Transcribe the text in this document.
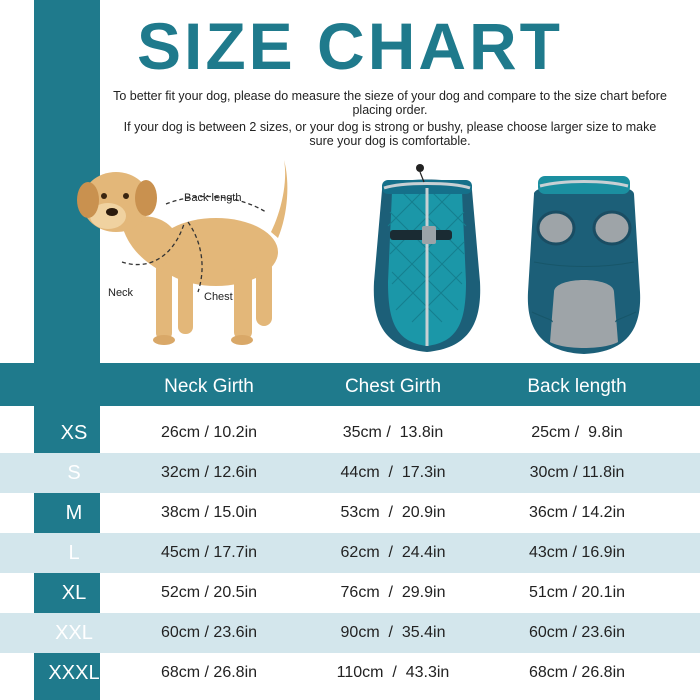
SIZE CHART
To better fit your dog, please do measure the sieze of your dog and compare to the size chart before placing order.
If your dog is between 2 sizes, or your dog is strong or bushy, please choose larger size to make sure your dog is comfortable.
Back length
Neck	Chest
Neck Girth	Chest Girth	Back length
XS	26cm / 10.2in	35cm /  13.8in	25cm /  9.8in
S	32cm / 12.6in	44cm  /  17.3in	30cm / 11.8in
M	38cm / 15.0in	53cm  /  20.9in	36cm / 14.2in
L	45cm / 17.7in	62cm  /  24.4in	43cm / 16.9in
XL	52cm / 20.5in	76cm  /  29.9in	51cm / 20.1in
XXL	60cm / 23.6in	90cm  /  35.4in	60cm / 23.6in
XXXL	68cm / 26.8in	110cm  /  43.3in	68cm / 26.8in
